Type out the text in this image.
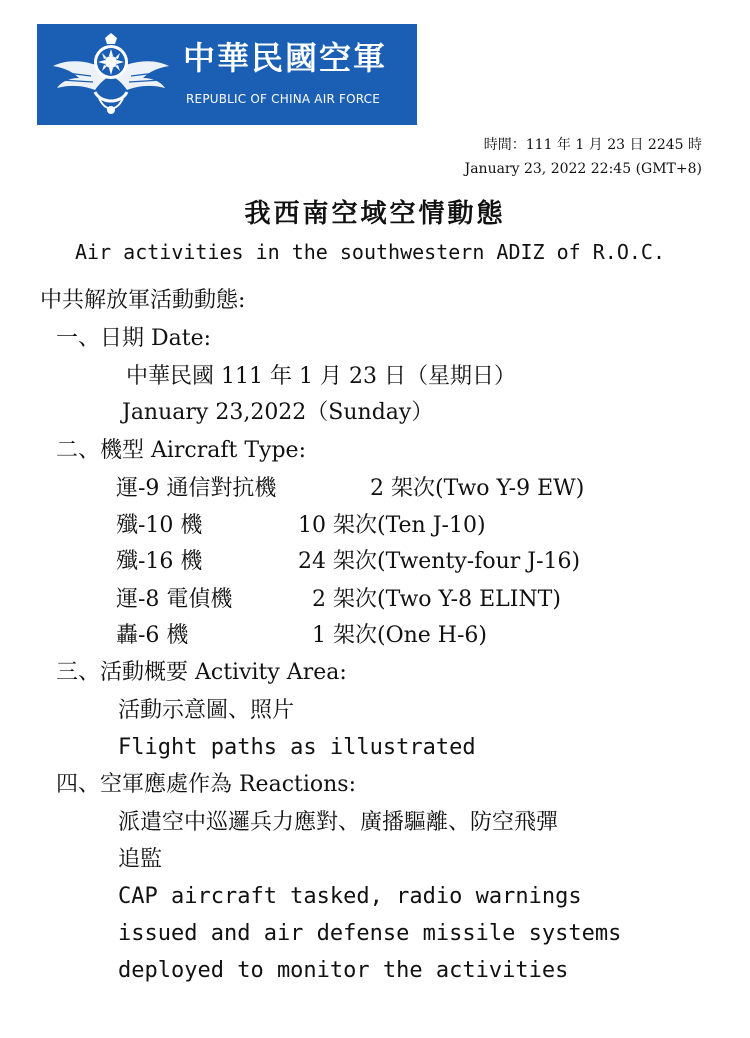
中華民國空軍
REPUBLIC OF CHINA AIR FORCE
時間：111 年 1 月 23 日 2245 時
January 23, 2022 22:45 (GMT+8)
我西南空域空情動態
Air activities in the southwestern ADIZ of R.O.C.
中共解放軍活動動態:
一、日期 Date:
中華民國 111 年 1 月 23 日（星期日）
January 23,2022（Sunday）
二、機型 Aircraft Type:
運-9 通信對抗機	2 架次(Two Y-9 EW)
殲-10 機	10 架次(Ten J-10)
殲-16 機	24 架次(Twenty-four J-16)
運-8 電偵機	2 架次(Two Y-8 ELINT)
轟-6 機	1 架次(One H-6)
三、活動概要 Activity Area:
活動示意圖、照片
Flight paths as illustrated
四、空軍應處作為 Reactions:
派遣空中巡邏兵力應對、廣播驅離、防空飛彈
追監
CAP aircraft tasked, radio warnings
issued and air defense missile systems
deployed to monitor the activities
